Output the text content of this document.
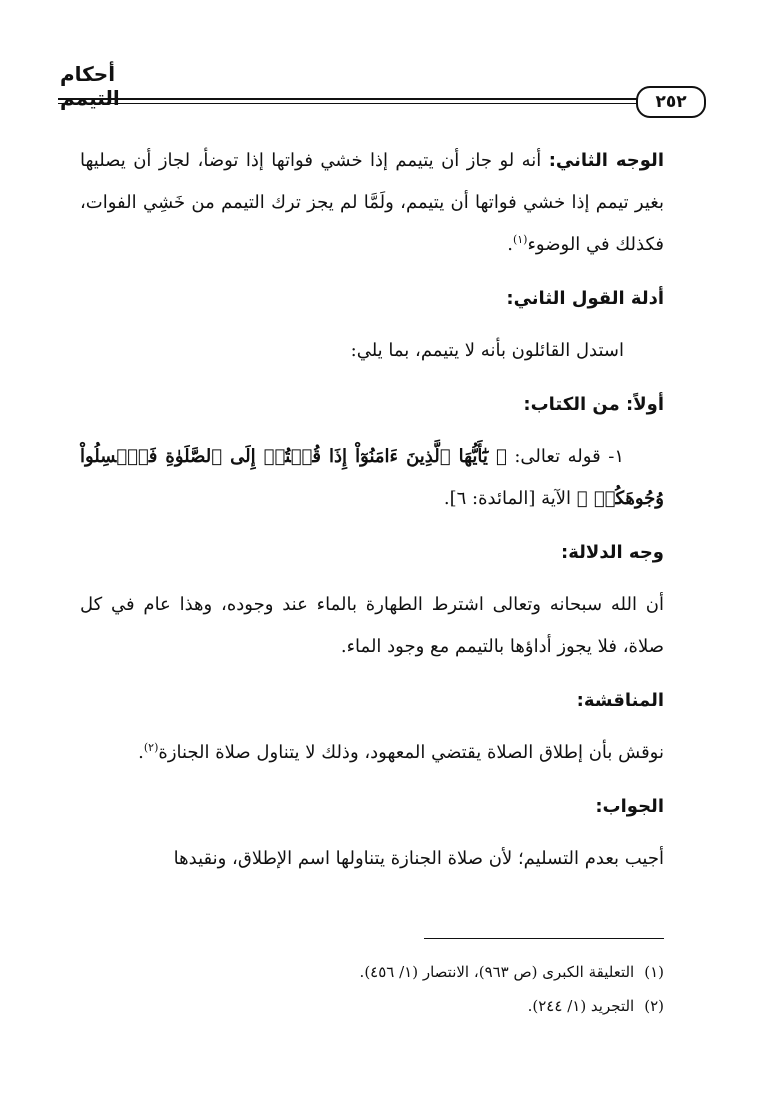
أحكام التيمم	٢٥٢

الوجه الثاني: أنه لو جاز أن يتيمم إذا خشي فواتها إذا توضأ، لجاز أن يصليها بغير تيمم إذا خشي فواتها أن يتيمم، ولَمَّا لم يجز ترك التيمم من خَشِي الفوات، فكذلك في الوضوء$^{(١)}$.

أدلة القول الثاني:

استدل القائلون بأنه لا يتيمم، بما يلي:

أولاً: من الكتاب:

١- قوله تعالى: ﴿ يَٰٓأَيُّهَا ٱلَّذِينَ ءَامَنُوٓاْ إِذَا قُمۡتُمۡ إِلَى ٱلصَّلَوٰةِ فَٱغۡسِلُواْ وُجُوهَكُمۡ ﴾ الآية [المائدة: ٦].

وجه الدلالة:

أن الله سبحانه وتعالى اشترط الطهارة بالماء عند وجوده، وهذا عام في كل صلاة، فلا يجوز أداؤها بالتيمم مع وجود الماء.

المناقشة:

نوقش بأن إطلاق الصلاة يقتضي المعهود، وذلك لا يتناول صلاة الجنازة$^{(٢)}$.

الجواب:

أجيب بعدم التسليم؛ لأن صلاة الجنازة يتناولها اسم الإطلاق، ونقيدها

(١)التعليقة الكبرى (ص ٩٦٣)، الانتصار (١/ ٤٥٦).
(٢)التجريد (١/ ٢٤٤).
